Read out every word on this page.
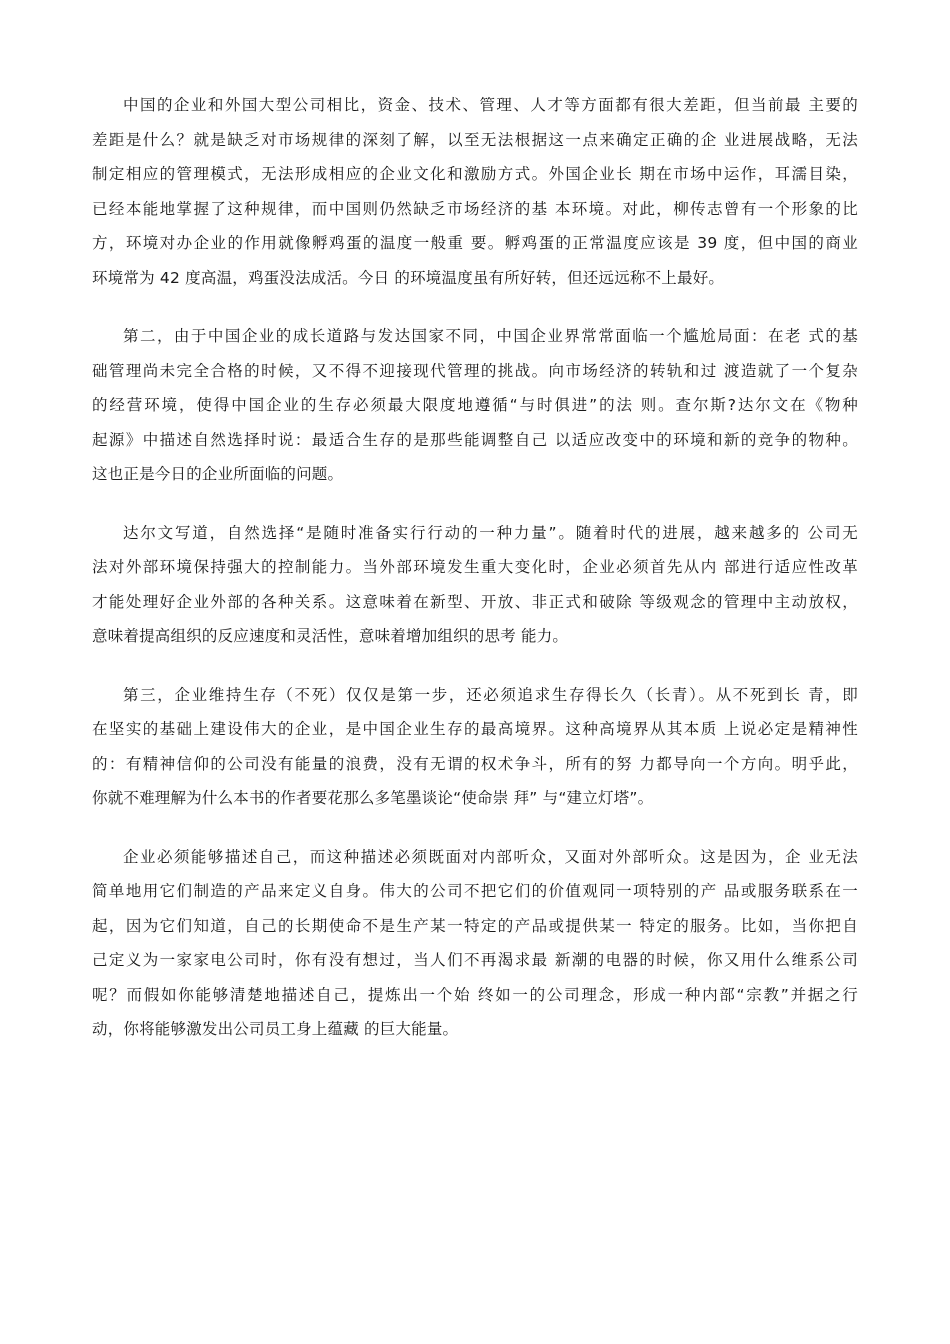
中国的企业和外国大型公司相比，资金、技术、管理、人才等方面都有很大差距，但当前最 主要的
差距是什么？就是缺乏对市场规律的深刻了解，以至无法根据这一点来确定正确的企 业进展战略，无法
制定相应的管理模式，无法形成相应的企业文化和激励方式。外国企业长 期在市场中运作，耳濡目染，
已经本能地掌握了这种规律，而中国则仍然缺乏市场经济的基 本环境。对此，柳传志曾有一个形象的比
方，环境对办企业的作用就像孵鸡蛋的温度一般重 要。孵鸡蛋的正常温度应该是 39 度，但中国的商业
环境常为 42 度高温，鸡蛋没法成活。今日 的环境温度虽有所好转，但还远远称不上最好。
第二，由于中国企业的成长道路与发达国家不同，中国企业界常常面临一个尴尬局面：在老 式的基
础管理尚未完全合格的时候，又不得不迎接现代管理的挑战。向市场经济的转轨和过 渡造就了一个复杂
的经营环境，使得中国企业的生存必须最大限度地遵循“与时俱进”的法 则。查尔斯?达尔文在《物种
起源》中描述自然选择时说：最适合生存的是那些能调整自己 以适应改变中的环境和新的竞争的物种。
这也正是今日的企业所面临的问题。
达尔文写道，自然选择“是随时准备实行行动的一种力量”。随着时代的进展，越来越多的 公司无
法对外部环境保持强大的控制能力。当外部环境发生重大变化时，企业必须首先从内 部进行适应性改革
才能处理好企业外部的各种关系。这意味着在新型、开放、非正式和破除 等级观念的管理中主动放权，
意味着提高组织的反应速度和灵活性，意味着增加组织的思考 能力。
第三，企业维持生存（不死）仅仅是第一步，还必须追求生存得长久（长青）。从不死到长 青，即
在坚实的基础上建设伟大的企业，是中国企业生存的最高境界。这种高境界从其本质 上说必定是精神性
的：有精神信仰的公司没有能量的浪费，没有无谓的权术争斗，所有的努 力都导向一个方向。明乎此，
你就不难理解为什么本书的作者要花那么多笔墨谈论“使命崇 拜” 与“建立灯塔”。
企业必须能够描述自己，而这种描述必须既面对内部听众，又面对外部听众。这是因为，企 业无法
简单地用它们制造的产品来定义自身。伟大的公司不把它们的价值观同一项特别的产 品或服务联系在一
起，因为它们知道，自己的长期使命不是生产某一特定的产品或提供某一 特定的服务。比如，当你把自
己定义为一家家电公司时，你有没有想过，当人们不再渴求最 新潮的电器的时候，你又用什么维系公司
呢？而假如你能够清楚地描述自己，提炼出一个始 终如一的公司理念，形成一种内部“宗教”并据之行
动，你将能够激发出公司员工身上蕴藏 的巨大能量。
